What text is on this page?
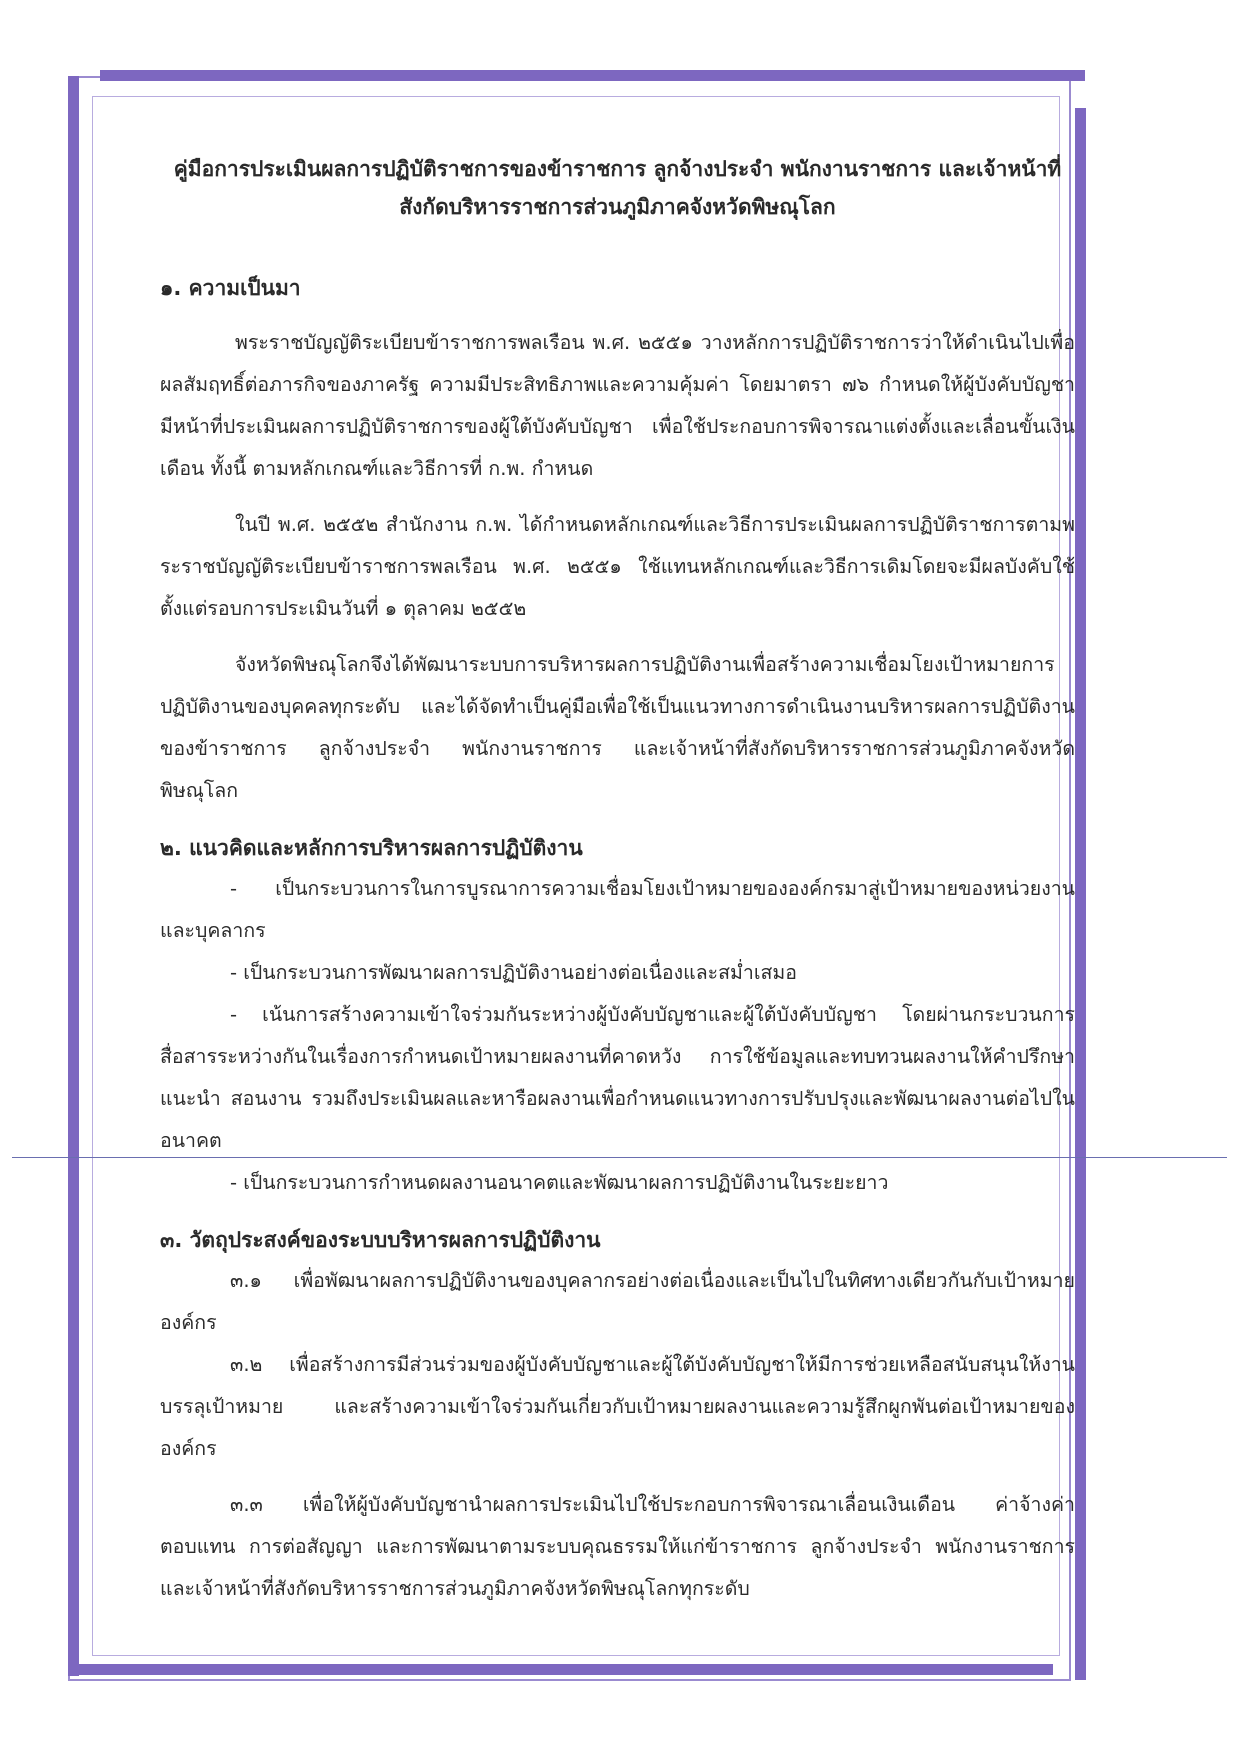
คู่มือการประเมินผลการปฏิบัติราชการของข้าราชการ ลูกจ้างประจำ พนักงานราชการ และเจ้าหน้าที่
สังกัดบริหารราชการส่วนภูมิภาคจังหวัดพิษณุโลก
๑. ความเป็นมา

พระราชบัญญัติระเบียบข้าราชการพลเรือน พ.ศ. ๒๕๕๑ วางหลักการปฏิบัติราชการว่าให้ดำเนินไปเพื่อผลสัมฤทธิ์ต่อภารกิจของภาครัฐ ความมีประสิทธิภาพและความคุ้มค่า โดยมาตรา ๗๖ กำหนดให้ผู้บังคับบัญชามีหน้าที่ประเมินผลการปฏิบัติราชการของผู้ใต้บังคับบัญชา เพื่อใช้ประกอบการพิจารณาแต่งตั้งและเลื่อนขั้นเงินเดือน ทั้งนี้ ตามหลักเกณฑ์และวิธีการที่ ก.พ. กำหนด

ในปี พ.ศ. ๒๕๕๒ สำนักงาน ก.พ. ได้กำหนดหลักเกณฑ์และวิธีการประเมินผลการปฏิบัติราชการตามพระราชบัญญัติระเบียบข้าราชการพลเรือน พ.ศ. ๒๕๕๑ ใช้แทนหลักเกณฑ์และวิธีการเดิมโดยจะมีผลบังคับใช้ตั้งแต่รอบการประเมินวันที่ ๑ ตุลาคม ๒๕๕๒

จังหวัดพิษณุโลกจึงได้พัฒนาระบบการบริหารผลการปฏิบัติงานเพื่อสร้างความเชื่อมโยงเป้าหมายการปฏิบัติงานของบุคคลทุกระดับ และได้จัดทำเป็นคู่มือเพื่อใช้เป็นแนวทางการดำเนินงานบริหารผลการปฏิบัติงานของข้าราชการ ลูกจ้างประจำ พนักงานราชการ และเจ้าหน้าที่สังกัดบริหารราชการส่วนภูมิภาคจังหวัดพิษณุโลก

๒. แนวคิดและหลักการบริหารผลการปฏิบัติงาน

- เป็นกระบวนการในการบูรณาการความเชื่อมโยงเป้าหมายขององค์กรมาสู่เป้าหมายของหน่วยงานและบุคลากร

- เป็นกระบวนการพัฒนาผลการปฏิบัติงานอย่างต่อเนื่องและสม่ำเสมอ

- เน้นการสร้างความเข้าใจร่วมกันระหว่างผู้บังคับบัญชาและผู้ใต้บังคับบัญชา โดยผ่านกระบวนการสื่อสารระหว่างกันในเรื่องการกำหนดเป้าหมายผลงานที่คาดหวัง การใช้ข้อมูลและทบทวนผลงานให้คำปรึกษาแนะนำ สอนงาน รวมถึงประเมินผลและหารือผลงานเพื่อกำหนดแนวทางการปรับปรุงและพัฒนาผลงานต่อไปในอนาคต

- เป็นกระบวนการกำหนดผลงานอนาคตและพัฒนาผลการปฏิบัติงานในระยะยาว

๓. วัตถุประสงค์ของระบบบริหารผลการปฏิบัติงาน

๓.๑ เพื่อพัฒนาผลการปฏิบัติงานของบุคลากรอย่างต่อเนื่องและเป็นไปในทิศทางเดียวกันกับเป้าหมายองค์กร

๓.๒ เพื่อสร้างการมีส่วนร่วมของผู้บังคับบัญชาและผู้ใต้บังคับบัญชาให้มีการช่วยเหลือสนับสนุนให้งานบรรลุเป้าหมาย และสร้างความเข้าใจร่วมกันเกี่ยวกับเป้าหมายผลงานและความรู้สึกผูกพันต่อเป้าหมายขององค์กร

๓.๓ เพื่อให้ผู้บังคับบัญชานำผลการประเมินไปใช้ประกอบการพิจารณาเลื่อนเงินเดือน ค่าจ้างค่าตอบแทน การต่อสัญญา และการพัฒนาตามระบบคุณธรรมให้แก่ข้าราชการ ลูกจ้างประจำ พนักงานราชการ และเจ้าหน้าที่สังกัดบริหารราชการส่วนภูมิภาคจังหวัดพิษณุโลกทุกระดับ
